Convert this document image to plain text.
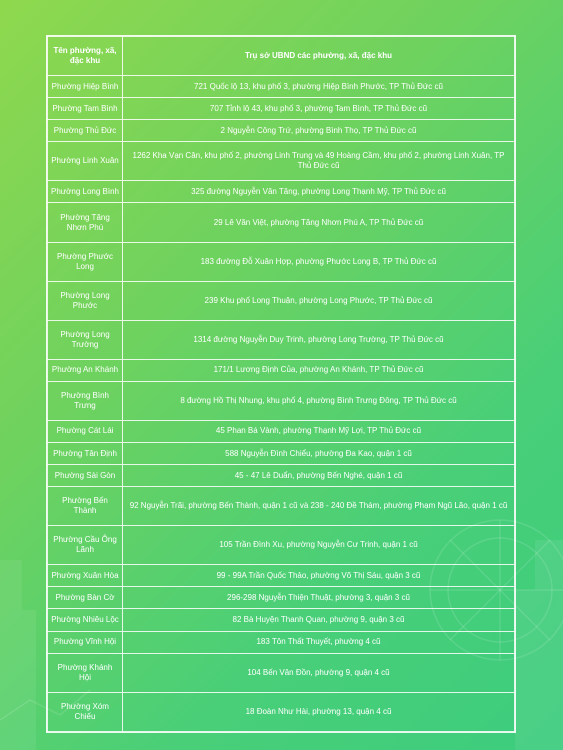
Tên phường, xã, đặc khu	Trụ sở UBND các phường, xã, đặc khu
Phường Hiệp Bình	721 Quốc lộ 13, khu phố 3, phường Hiệp Bình Phước, TP Thủ Đức cũ
Phường Tam Bình	707 Tỉnh lộ 43, khu phố 3, phường Tam Bình, TP Thủ Đức cũ
Phường Thủ Đức	2 Nguyễn Công Trứ, phường Bình Thọ, TP Thủ Đức cũ
Phường Linh Xuân	1262 Kha Vạn Cân, khu phố 2, phường Linh Trung và 49 Hoàng Cầm, khu phố 2, phường Linh Xuân, TP Thủ Đức cũ
Phường Long Bình	325 đường Nguyễn Văn Tăng, phường Long Thạnh Mỹ, TP Thủ Đức cũ
Phường Tăng Nhơn Phú	29 Lê Văn Việt, phường Tăng Nhơn Phú A, TP Thủ Đức cũ
Phường Phước Long	183 đường Đỗ Xuân Hợp, phường Phước Long B, TP Thủ Đức cũ
Phường Long Phước	239 Khu phố Long Thuận, phường Long Phước, TP Thủ Đức cũ
Phường Long Trường	1314 đường Nguyễn Duy Trinh, phường Long Trường, TP Thủ Đức cũ
Phường An Khánh	171/1 Lương Định Của, phường An Khánh, TP Thủ Đức cũ
Phường Bình Trưng	8 đường Hồ Thị Nhung, khu phố 4, phường Bình Trưng Đông, TP Thủ Đức cũ
Phường Cát Lái	45 Phan Bá Vành, phường Thạnh Mỹ Lợi, TP Thủ Đức cũ
Phường Tân Định	588 Nguyễn Đình Chiểu, phường Đa Kao, quận 1 cũ
Phường Sài Gòn	45 - 47 Lê Duẩn, phường Bến Nghé, quận 1 cũ
Phường Bến Thành	92 Nguyễn Trãi, phường Bến Thành, quận 1 cũ và 238 - 240 Đề Thám, phường Phạm Ngũ Lão, quận 1 cũ
Phường Cầu Ông Lãnh	105 Trần Đình Xu, phường Nguyễn Cư Trinh, quận 1 cũ
Phường Xuân Hòa	99 - 99A Trần Quốc Thảo, phường Võ Thị Sáu, quận 3 cũ
Phường Bàn Cờ	296-298 Nguyễn Thiện Thuật, phường 3, quận 3 cũ
Phường Nhiêu Lộc	82 Bà Huyện Thanh Quan, phường 9, quận 3 cũ
Phường Vĩnh Hội	183 Tôn Thất Thuyết, phường 4 cũ
Phường Khánh Hội	104 Bến Vân Đồn, phường 9, quận 4 cũ
Phường Xóm Chiếu	18 Đoàn Như Hài, phường 13, quận 4 cũ
